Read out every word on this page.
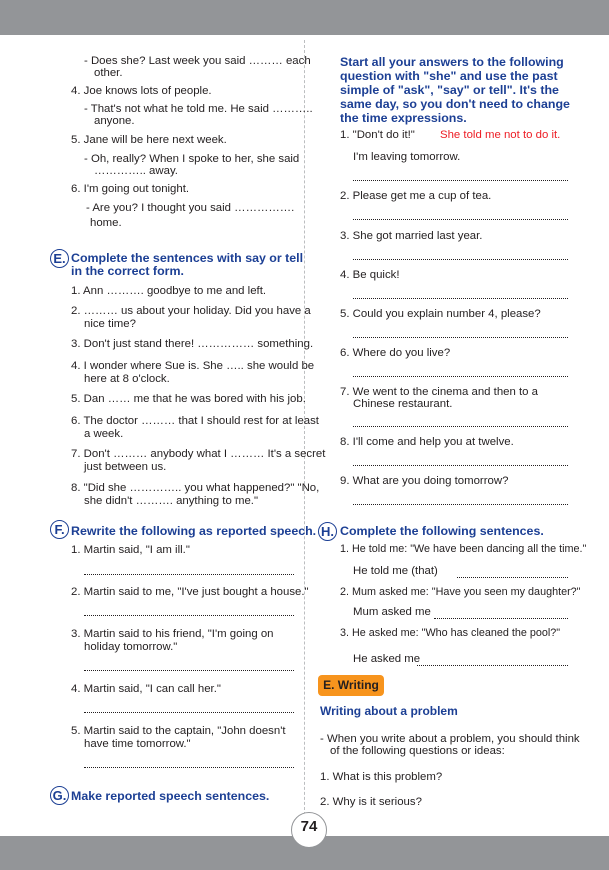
- Does she? Last week you said ……… each
other.
4. Joe knows lots of people.
- That's not what he told me. He said ………..
anyone.
5. Jane will be here next week.
- Oh, really? When I spoke to her, she said
………….. away.
6. I'm going out tonight.
- Are you? I thought you said …………….
home.
E. Complete the sentences with say or tell
in the correct form.
1. Ann ………. goodbye to me and left.
2. ……… us about your holiday. Did you have a
nice time?
3. Don't just stand there! …………… something.
4. I wonder where Sue is. She ….. she would be
here at 8 o'clock.
5. Dan …… me that he was bored with his job.
6. The doctor ……… that I should rest for at least
a week.
7. Don't ……… anybody what I ……… It's a secret
just between us.
8. "Did she ………….. you what happened?" "No,
she didn't ………. anything to me."
F. Rewrite the following as reported speech.
1. Martin said, "I am ill."
2. Martin said to me, "I've just bought a house."
3. Martin said to his friend, "I'm going on
holiday tomorrow."
4. Martin said, "I can call her."
5. Martin said to the captain, "John doesn't
have time tomorrow."
G. Make reported speech sentences.
Start all your answers to the following
question with "she" and use the past
simple of "ask", "say" or tell". It's the
same day, so you don't need to change
the time expressions.
1. "Don't do it!" She told me not to do it.
I'm leaving tomorrow.
2. Please get me a cup of tea.
3. She got married last year.
4. Be quick!
5. Could you explain number 4, please?
6. Where do you live?
7. We went to the cinema and then to a
Chinese restaurant.
8. I'll come and help you at twelve.
9. What are you doing tomorrow?
H. Complete the following sentences.
1. He told me: "We have been dancing all the time."
He told me (that)
2. Mum asked me: "Have you seen my daughter?"
Mum asked me
3. He asked me: "Who has cleaned the pool?"
He asked me
E. Writing
Writing about a problem
- When you write about a problem, you should think
of the following questions or ideas:
1. What is this problem?
2. Why is it serious?
74
